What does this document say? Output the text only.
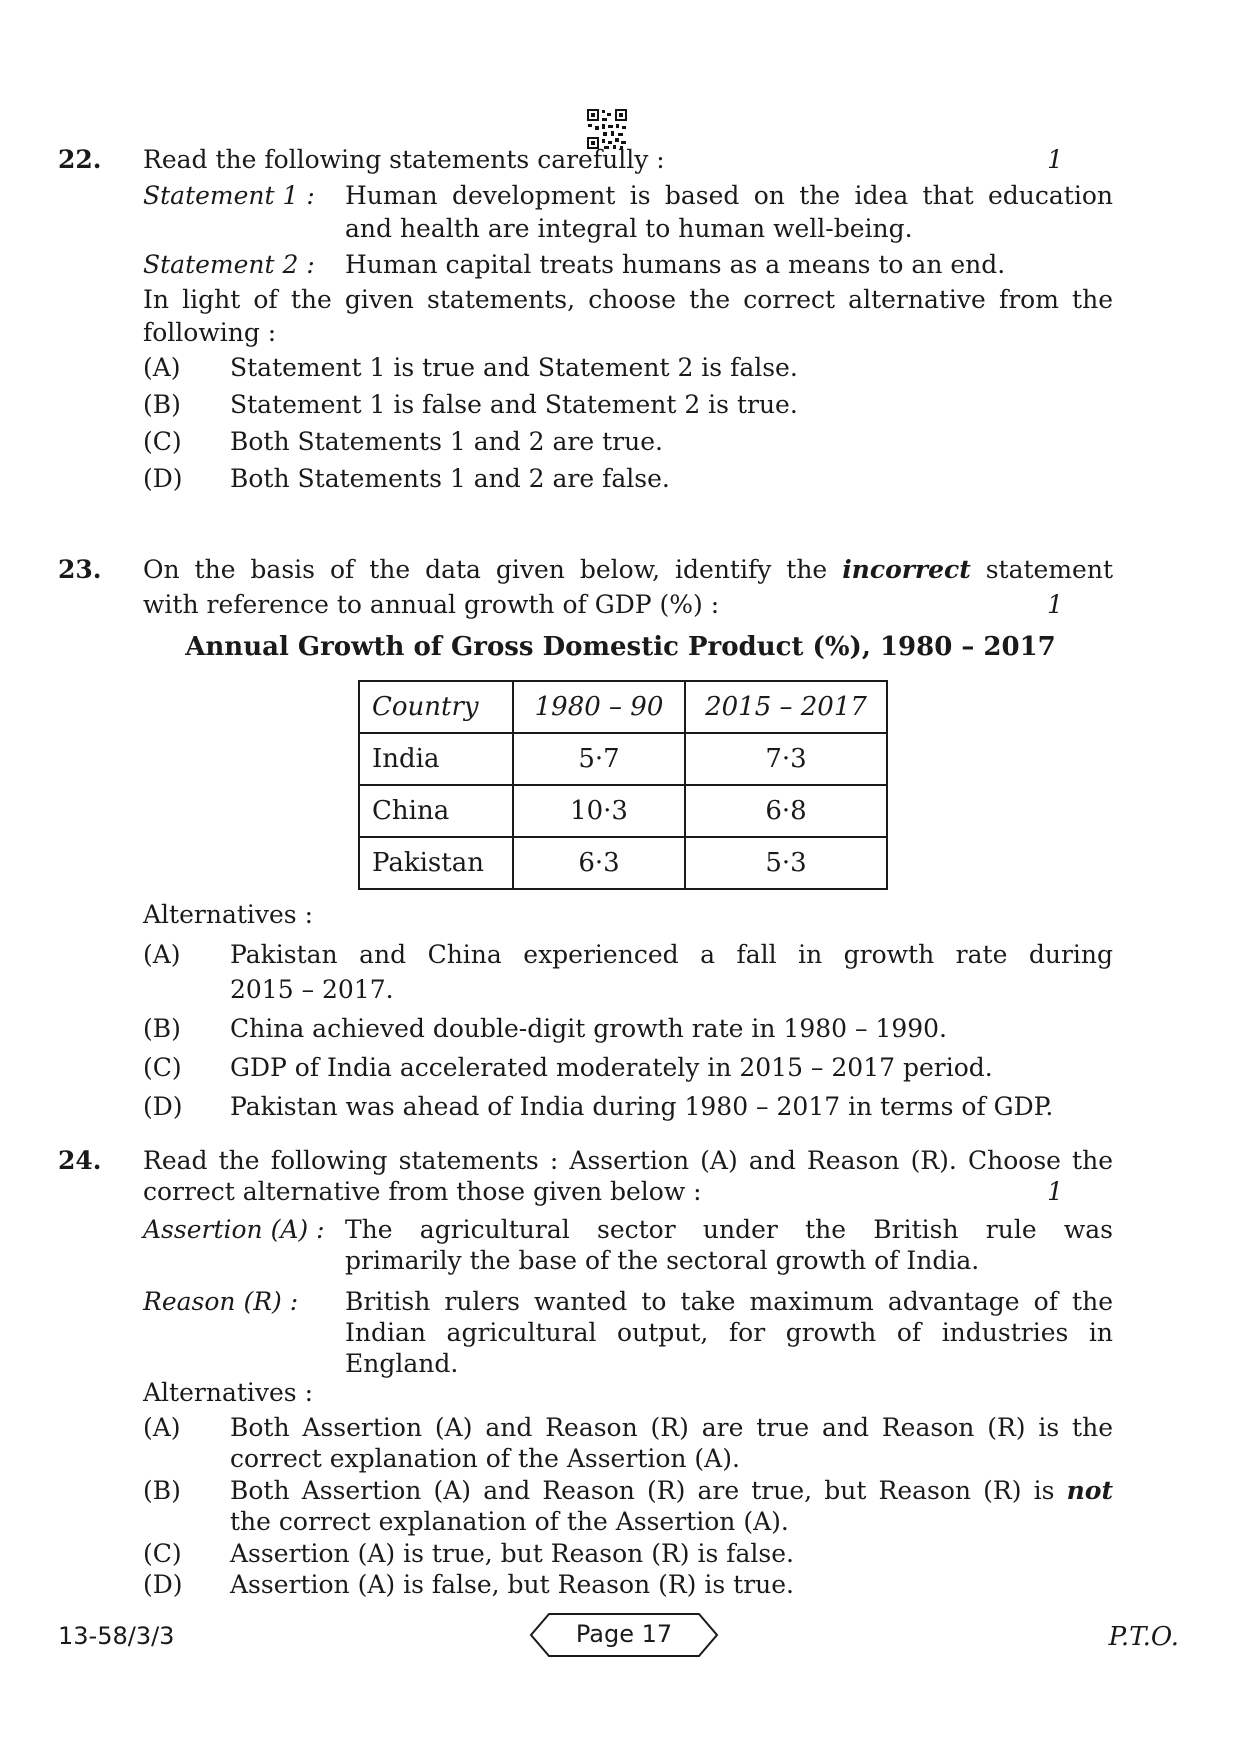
22. Read the following statements carefully :	1
Statement 1 : Human development is based on the idea that education
and health are integral to human well-being.
Statement 2 : Human capital treats humans as a means to an end.
In light of the given statements, choose the correct alternative from the
following :
(A) Statement 1 is true and Statement 2 is false.
(B) Statement 1 is false and Statement 2 is true.
(C) Both Statements 1 and 2 are true.
(D) Both Statements 1 and 2 are false.
23. On the basis of the data given below, identify the incorrect statement
with reference to annual growth of GDP (%) :	1
Annual Growth of Gross Domestic Product (%), 1980 – 2017
Country	1980 – 90	2015 – 2017
India	5·7	7·3
China	10·3	6·8
Pakistan	6·3	5·3
Alternatives :
(A) Pakistan and China experienced a fall in growth rate during
2015 – 2017.
(B) China achieved double-digit growth rate in 1980 – 1990.
(C) GDP of India accelerated moderately in 2015 – 2017 period.
(D) Pakistan was ahead of India during 1980 – 2017 in terms of GDP.
24. Read the following statements : Assertion (A) and Reason (R). Choose the
correct alternative from those given below :	1
Assertion (A) : The agricultural sector under the British rule was
primarily the base of the sectoral growth of India.
Reason (R) : British rulers wanted to take maximum advantage of the
Indian agricultural output, for growth of industries in
England.
Alternatives :
(A) Both Assertion (A) and Reason (R) are true and Reason (R) is the
correct explanation of the Assertion (A).
(B) Both Assertion (A) and Reason (R) are true, but Reason (R) is not
the correct explanation of the Assertion (A).
(C) Assertion (A) is true, but Reason (R) is false.
(D) Assertion (A) is false, but Reason (R) is true.
13-58/3/3	Page 17	P.T.O.
